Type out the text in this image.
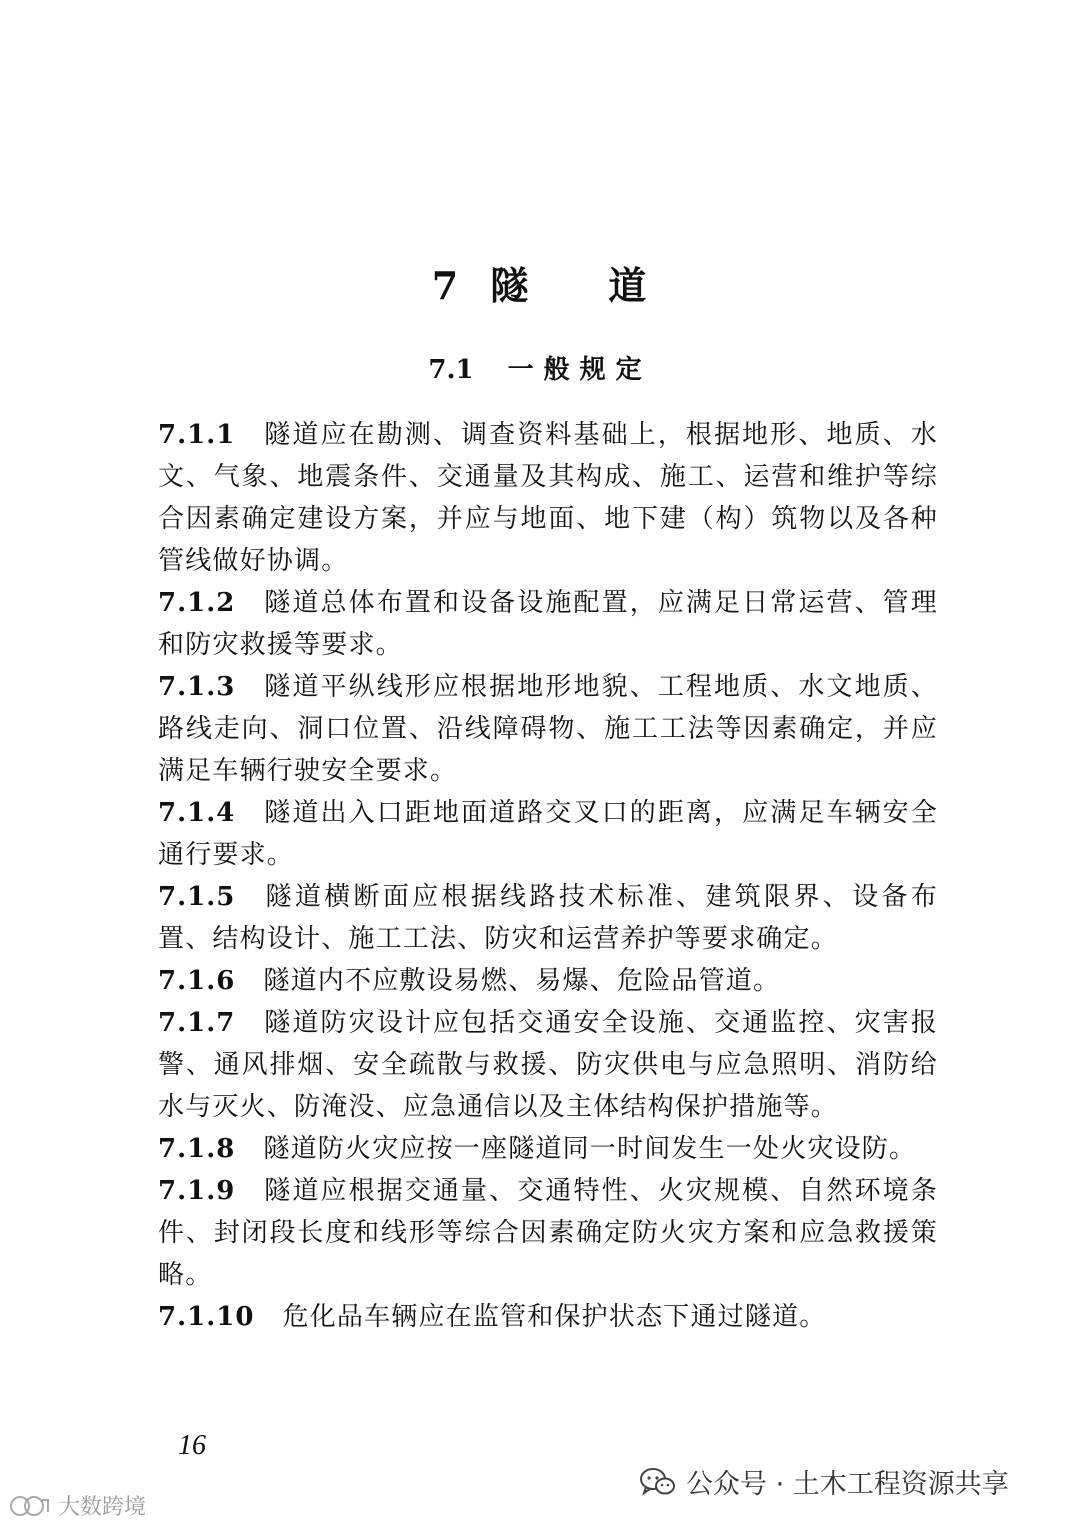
7 隧 道
7.1 一般规定

7.1.1 隧道应在勘测、调查资料基础上，根据地形、地质、水文、气象、地震条件、交通量及其构成、施工、运营和维护等综合因素确定建设方案，并应与地面、地下建（构）筑物以及各种管线做好协调。

7.1.2 隧道总体布置和设备设施配置，应满足日常运营、管理和防灾救援等要求。

7.1.3 隧道平纵线形应根据地形地貌、工程地质、水文地质、路线走向、洞口位置、沿线障碍物、施工工法等因素确定，并应满足车辆行驶安全要求。

7.1.4 隧道出入口距地面道路交叉口的距离，应满足车辆安全通行要求。

7.1.5 隧道横断面应根据线路技术标准、建筑限界、设备布置、结构设计、施工工法、防灾和运营养护等要求确定。

7.1.6 隧道内不应敷设易燃、易爆、危险品管道。

7.1.7 隧道防灾设计应包括交通安全设施、交通监控、灾害报警、通风排烟、安全疏散与救援、防灾供电与应急照明、消防给水与灭火、防淹没、应急通信以及主体结构保护措施等。

7.1.8 隧道防火灾应按一座隧道同一时间发生一处火灾设防。

7.1.9 隧道应根据交通量、交通特性、火灾规模、自然环境条件、封闭段长度和线形等综合因素确定防火灾方案和应急救援策略。

7.1.10 危化品车辆应在监管和保护状态下通过隧道。

16
公众号 · 土木工程资源共享
大数跨境
